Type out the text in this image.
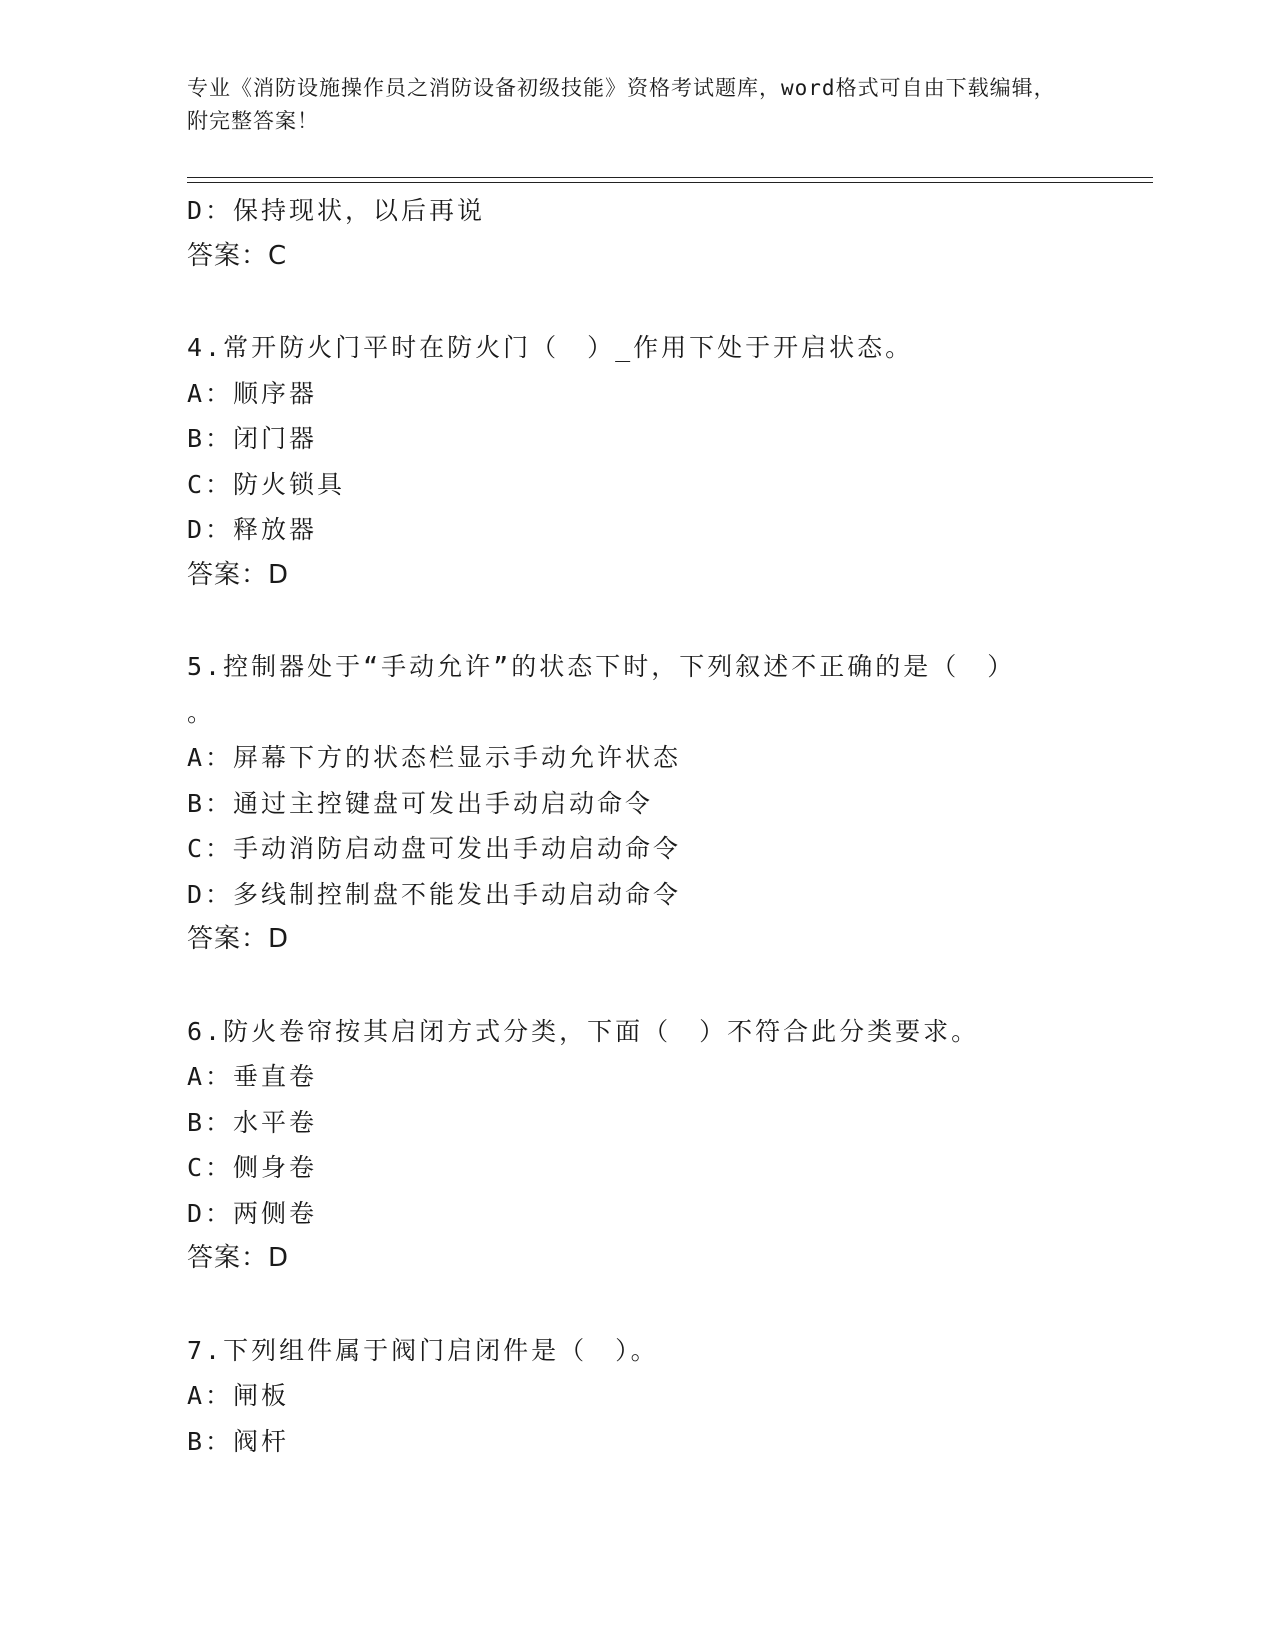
专业《消防设施操作员之消防设备初级技能》资格考试题库，word格式可自由下载编辑，附完整答案！
D：保持现状，以后再说
答案：C
4.常开防火门平时在防火门（　）_作用下处于开启状态。
A：顺序器
B：闭门器
C：防火锁具
D：释放器
答案：D
5.控制器处于“手动允许”的状态下时，下列叙述不正确的是（　）
。
A：屏幕下方的状态栏显示手动允许状态
B：通过主控键盘可发出手动启动命令
C：手动消防启动盘可发出手动启动命令
D：多线制控制盘不能发出手动启动命令
答案：D
6.防火卷帘按其启闭方式分类，下面（　）不符合此分类要求。
A：垂直卷
B：水平卷
C：侧身卷
D：两侧卷
答案：D
7.下列组件属于阀门启闭件是（　）。
A：闸板
B：阀杆
